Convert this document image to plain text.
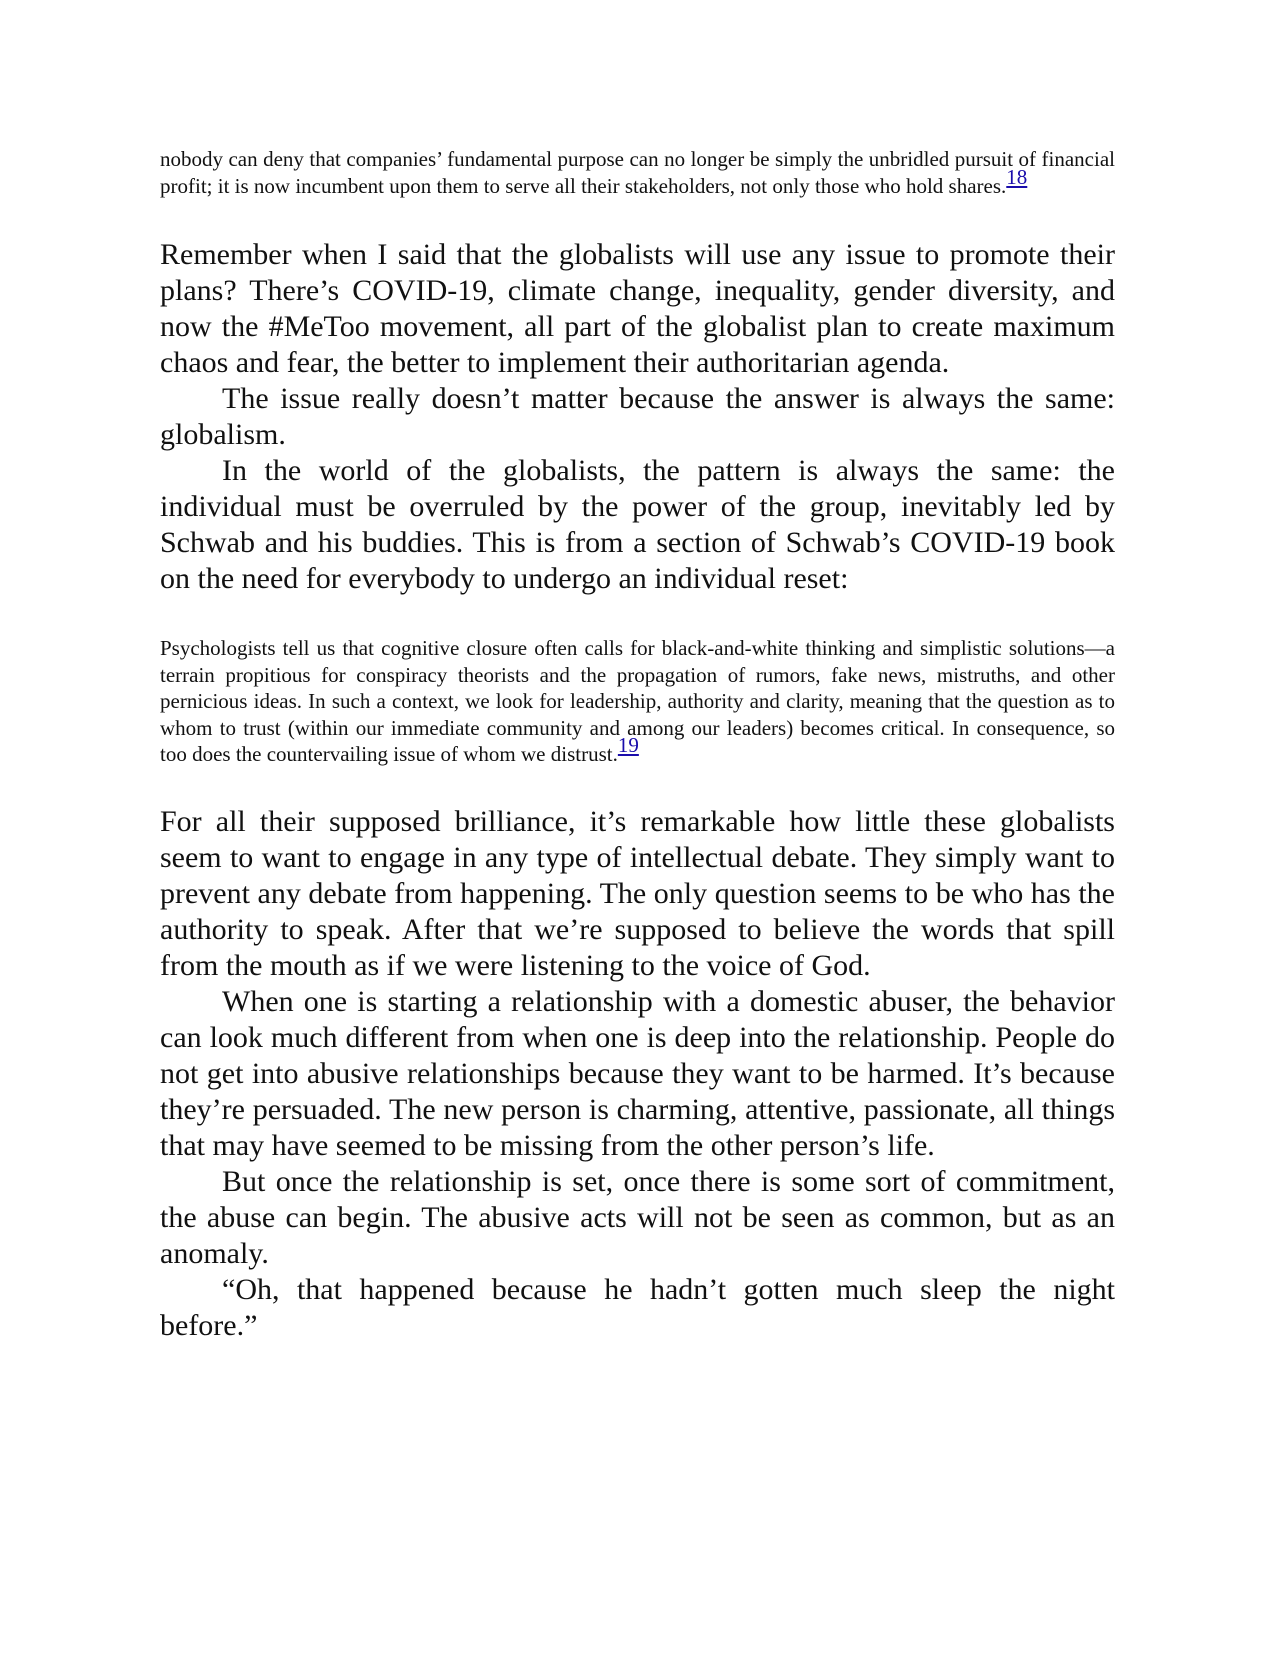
nobody can deny that companies’ fundamental purpose can no longer be simply the unbridled pursuit of financial profit; it is now incumbent upon them to serve all their stakeholders, not only those who hold shares.18

Remember when I said that the globalists will use any issue to promote their plans? There’s COVID-19, climate change, inequality, gender diversity, and now the #MeToo movement, all part of the globalist plan to create maximum chaos and fear, the better to implement their authoritarian agenda.

The issue really doesn’t matter because the answer is always the same: globalism.

In the world of the globalists, the pattern is always the same: the individual must be overruled by the power of the group, inevitably led by Schwab and his buddies. This is from a section of Schwab’s COVID-19 book on the need for everybody to undergo an individual reset:

Psychologists tell us that cognitive closure often calls for black-and-white thinking and simplistic solutions—a terrain propitious for conspiracy theorists and the propagation of rumors, fake news, mistruths, and other pernicious ideas. In such a context, we look for leadership, authority and clarity, meaning that the question as to whom to trust (within our immediate community and among our leaders) becomes critical. In consequence, so too does the countervailing issue of whom we distrust.19

For all their supposed brilliance, it’s remarkable how little these globalists seem to want to engage in any type of intellectual debate. They simply want to prevent any debate from happening. The only question seems to be who has the authority to speak. After that we’re supposed to believe the words that spill from the mouth as if we were listening to the voice of God.

When one is starting a relationship with a domestic abuser, the behavior can look much different from when one is deep into the relationship. People do not get into abusive relationships because they want to be harmed. It’s because they’re persuaded. The new person is charming, attentive, passionate, all things that may have seemed to be missing from the other person’s life.

But once the relationship is set, once there is some sort of commitment, the abuse can begin. The abusive acts will not be seen as common, but as an anomaly.

“Oh, that happened because he hadn’t gotten much sleep the night before.”
